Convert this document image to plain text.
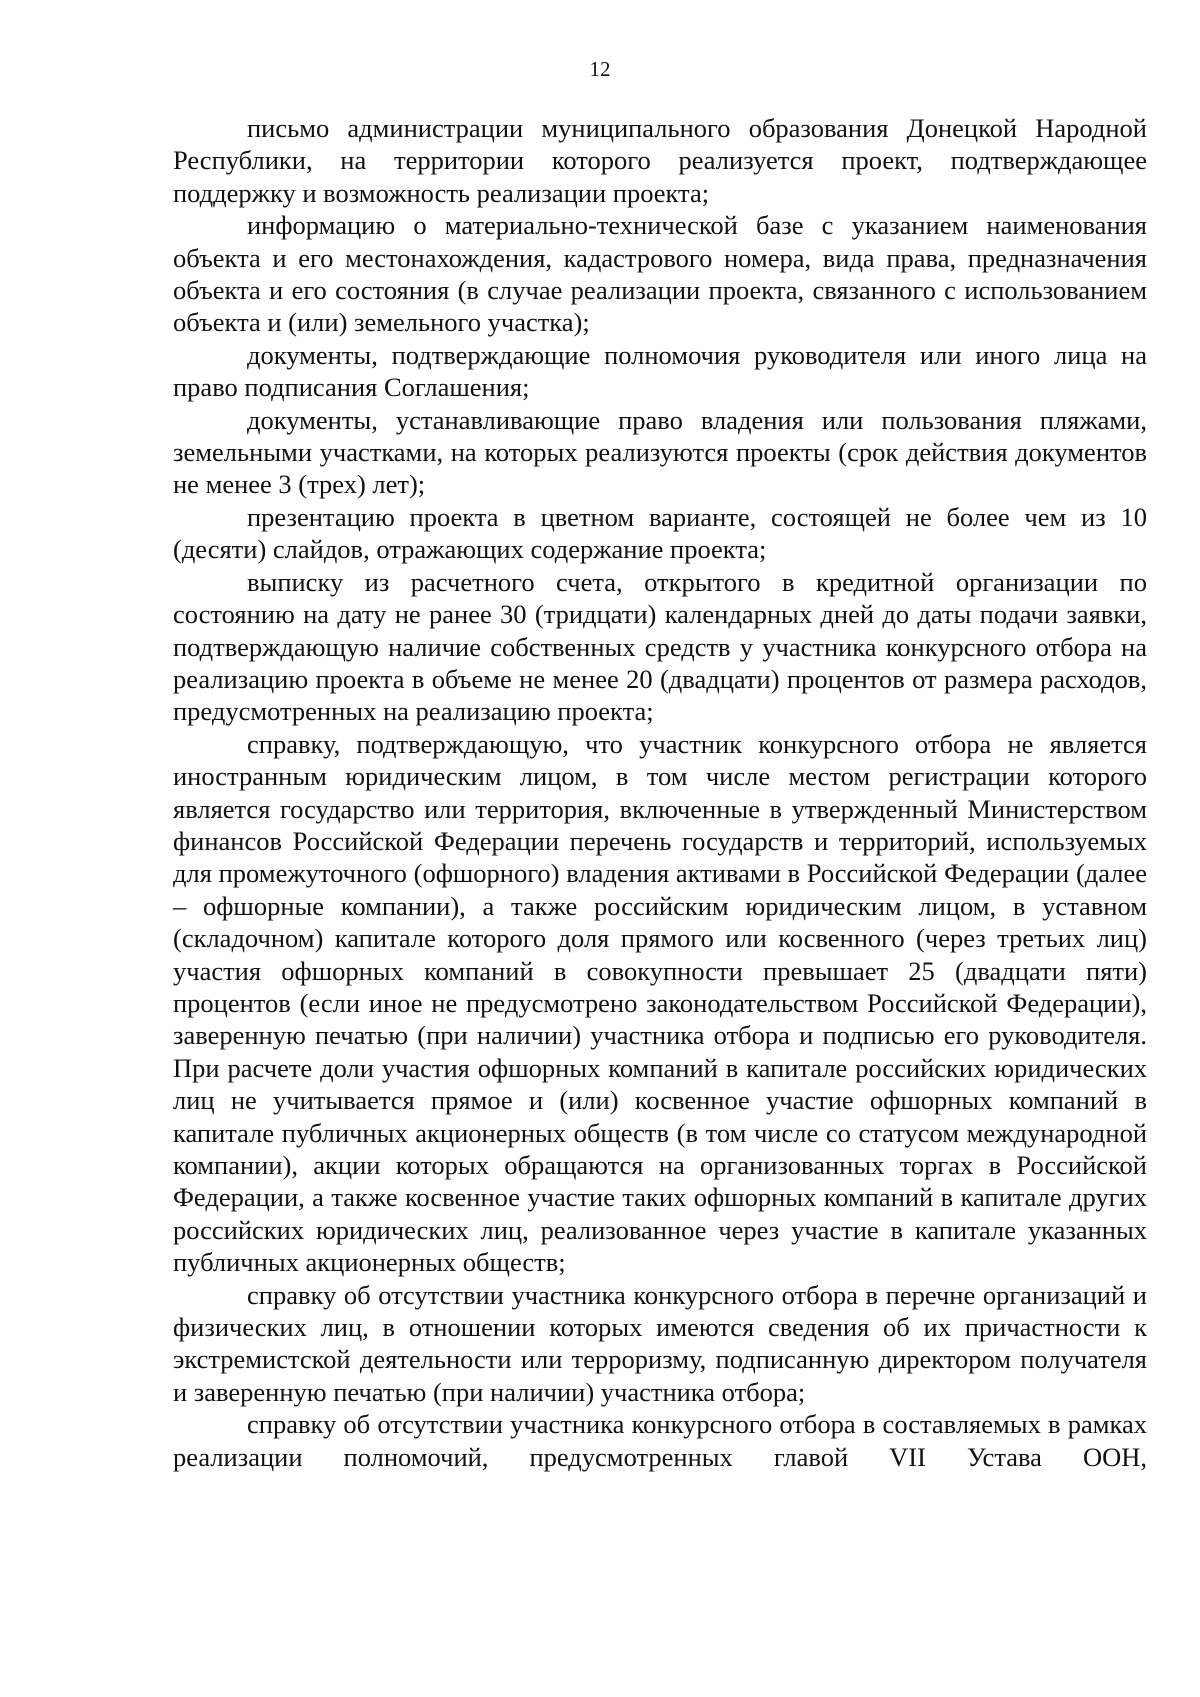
12

письмо администрации муниципального образования Донецкой Народной Республики, на территории которого реализуется проект, подтверждающее поддержку и возможность реализации проекта;

информацию о материально-технической базе с указанием наименования объекта и его местонахождения, кадастрового номера, вида права, предназначения объекта и его состояния (в случае реализации проекта, связанного с использованием объекта и (или) земельного участка);

документы, подтверждающие полномочия руководителя или иного лица на право подписания Соглашения;

документы, устанавливающие право владения или пользования пляжами, земельными участками, на которых реализуются проекты (срок действия документов не менее 3 (трех) лет);

презентацию проекта в цветном варианте, состоящей не более чем из 10 (десяти) слайдов, отражающих содержание проекта;

выписку из расчетного счета, открытого в кредитной организации по состоянию на дату не ранее 30 (тридцати) календарных дней до даты подачи заявки, подтверждающую наличие собственных средств у участника конкурсного отбора на реализацию проекта в объеме не менее 20 (двадцати) процентов от размера расходов, предусмотренных на реализацию проекта;

справку, подтверждающую, что участник конкурсного отбора не является иностранным юридическим лицом, в том числе местом регистрации которого является государство или территория, включенные в утвержденный Министерством финансов Российской Федерации перечень государств и территорий, используемых для промежуточного (офшорного) владения активами в Российской Федерации (далее – офшорные компании), а также российским юридическим лицом, в уставном (складочном) капитале которого доля прямого или косвенного (через третьих лиц) участия офшорных компаний в совокупности превышает 25 (двадцати пяти) процентов (если иное не предусмотрено законодательством Российской Федерации), заверенную печатью (при наличии) участника отбора и подписью его руководителя. При расчете доли участия офшорных компаний в капитале российских юридических лиц не учитывается прямое и (или) косвенное участие офшорных компаний в капитале публичных акционерных обществ (в том числе со статусом международной компании), акции которых обращаются на организованных торгах в Российской Федерации, а также косвенное участие таких офшорных компаний в капитале других российских юридических лиц, реализованное через участие в капитале указанных публичных акционерных обществ;

справку об отсутствии участника конкурсного отбора в перечне организаций и физических лиц, в отношении которых имеются сведения об их причастности к экстремистской деятельности или терроризму, подписанную директором получателя и заверенную печатью (при наличии) участника отбора;

справку об отсутствии участника конкурсного отбора в составляемых в рамках реализации полномочий, предусмотренных главой VII Устава ООН,
